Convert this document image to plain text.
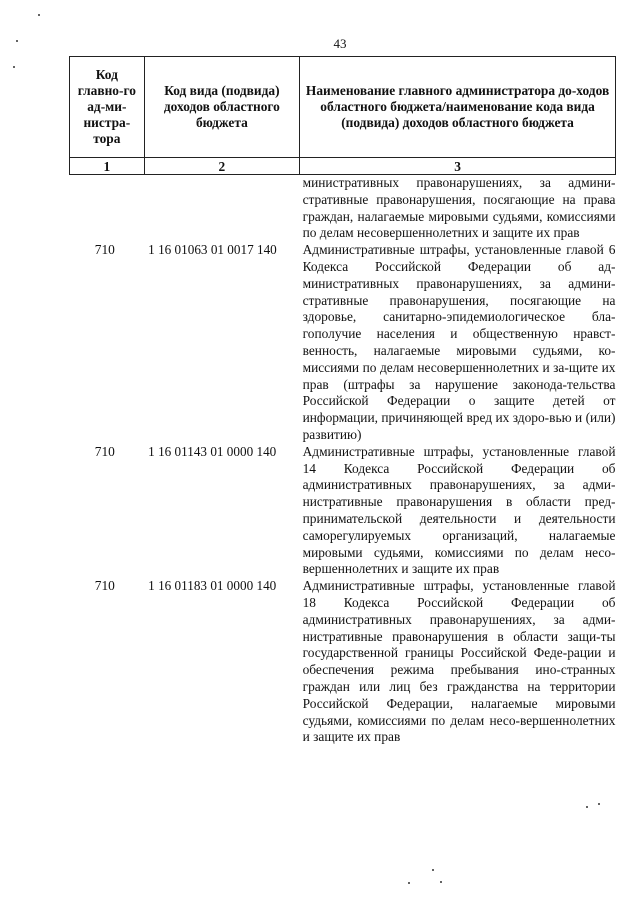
43
Код главно-го ад-ми-нистра-тора	Код вида (подвида) доходов областного бюджета	Наименование главного администратора до-ходов областного бюджета/наименование кода вида (подвида) доходов областного бюджета
1	2	3
		министративных правонарушениях, за админи-стративные правонарушения, посягающие на права граждан, налагаемые мировыми судьями, комиссиями по делам несовершеннолетних и защите их прав
710	1 16 01063 01 0017 140	Административные штрафы, установленные главой 6 Кодекса Российской Федерации об ад-министративных правонарушениях, за админи-стративные правонарушения, посягающие на здоровье, санитарно-эпидемиологическое бла-гополучие населения и общественную нравст-венность, налагаемые мировыми судьями, ко-миссиями по делам несовершеннолетних и за-щите их прав (штрафы за нарушение законода-тельства Российской Федерации о защите детей от информации, причиняющей вред их здоро-вью и (или) развитию)
710	1 16 01143 01 0000 140	Административные штрафы, установленные главой 14 Кодекса Российской Федерации об административных правонарушениях, за адми-нистративные правонарушения в области пред-принимательской деятельности и деятельности саморегулируемых организаций, налагаемые мировыми судьями, комиссиями по делам несо-вершеннолетних и защите их прав
710	1 16 01183 01 0000 140	Административные штрафы, установленные главой 18 Кодекса Российской Федерации об административных правонарушениях, за адми-нистративные правонарушения в области защи-ты государственной границы Российской Феде-рации и обеспечения режима пребывания ино-странных граждан или лиц без гражданства на территории Российской Федерации, налагаемые мировыми судьями, комиссиями по делам несо-вершеннолетних и защите их прав
